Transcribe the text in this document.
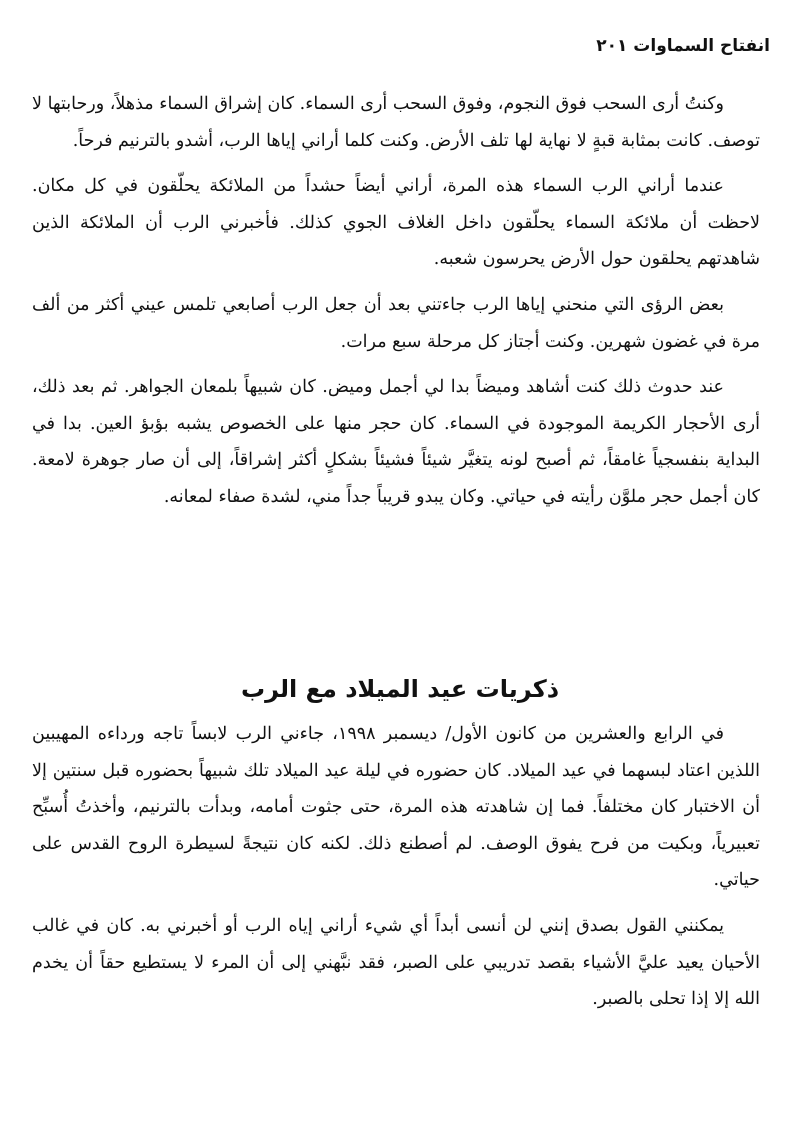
انفتاح السماوات ٢٠١

وكنتُ أرى السحب فوق النجوم، وفوق السحب أرى السماء. كان إشراق السماء مذهلاً، ورحابتها لا توصف. كانت بمثابة قبةٍ لا نهاية لها تلف الأرض. وكنت كلما أراني إياها الرب، أشدو بالترنيم فرحاً.

عندما أراني الرب السماء هذه المرة، أراني أيضاً حشداً من الملائكة يحلّقون في كل مكان. لاحظت أن ملائكة السماء يحلّقون داخل الغلاف الجوي كذلك. فأخبرني الرب أن الملائكة الذين شاهدتهم يحلقون حول الأرض يحرسون شعبه.

بعض الرؤى التي منحني إياها الرب جاءتني بعد أن جعل الرب أصابعي تلمس عيني أكثر من ألف مرة في غضون شهرين. وكنت أجتاز كل مرحلة سبع مرات.

عند حدوث ذلك كنت أشاهد وميضاً بدا لي أجمل وميض. كان شبيهاً بلمعان الجواهر. ثم بعد ذلك، أرى الأحجار الكريمة الموجودة في السماء. كان حجر منها على الخصوص يشبه بؤبؤ العين. بدا في البداية بنفسجياً غامقاً، ثم أصبح لونه يتغيَّر شيئاً فشيئاً بشكلٍ أكثر إشراقاً، إلى أن صار جوهرة لامعة. كان أجمل حجر ملوَّن رأيته في حياتي. وكان يبدو قريباً جداً مني، لشدة صفاء لمعانه.

ذكريات عيد الميلاد مع الرب

في الرابع والعشرين من كانون الأول/ ديسمبر ١٩٩٨، جاءني الرب لابساً تاجه ورداءه المهيبين اللذين اعتاد لبسهما في عيد الميلاد. كان حضوره في ليلة عيد الميلاد تلك شبيهاً بحضوره قبل سنتين إلا أن الاختبار كان مختلفاً. فما إن شاهدته هذه المرة، حتى جثوت أمامه، وبدأت بالترنيم، وأخذتُ أُسبِّح تعبيرياً، وبكيت من فرح يفوق الوصف. لم أصطنع ذلك. لكنه كان نتيجةً لسيطرة الروح القدس على حياتي.

يمكنني القول بصدق إنني لن أنسى أبداً أي شيء أراني إياه الرب أو أخبرني به. كان في غالب الأحيان يعيد عليَّ الأشياء بقصد تدريبي على الصبر، فقد نبَّهني إلى أن المرء لا يستطيع حقاً أن يخدم الله إلا إذا تحلى بالصبر.
